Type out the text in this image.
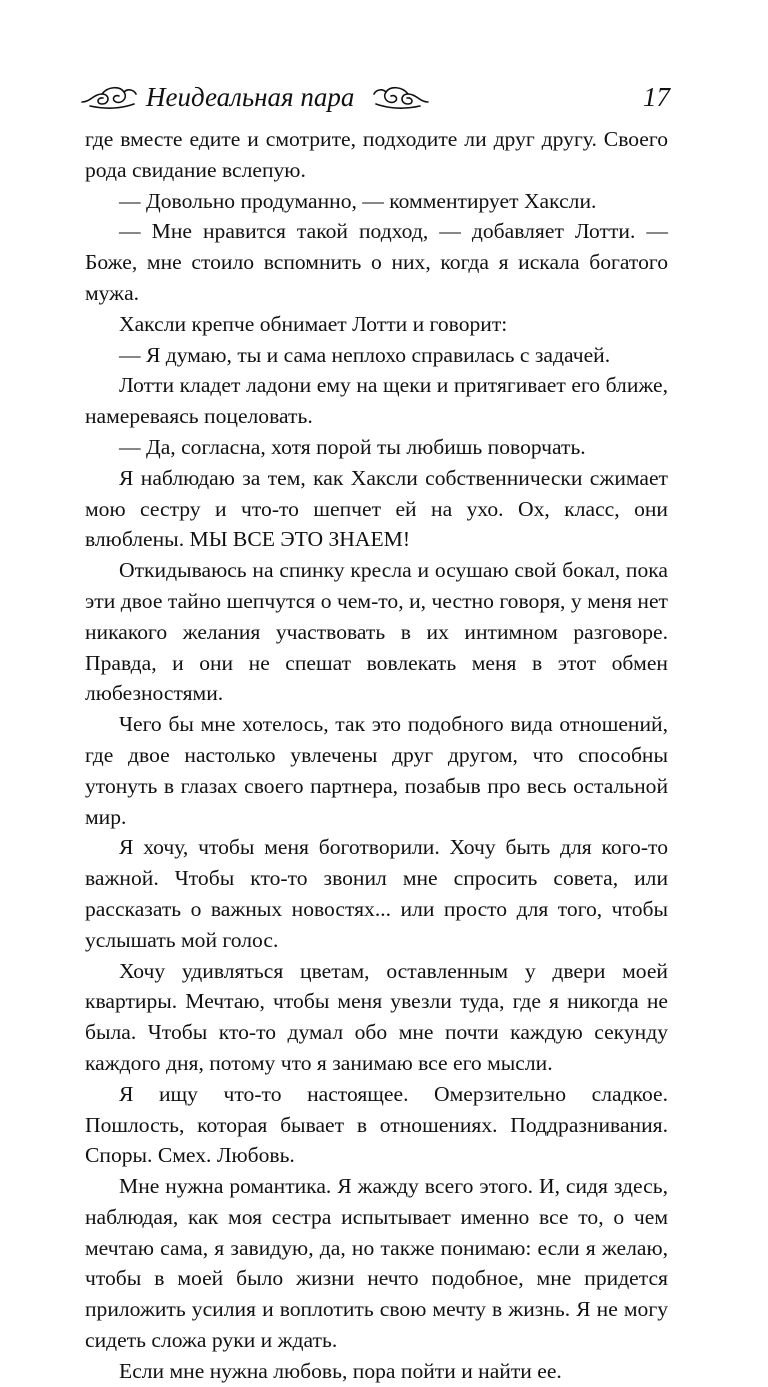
Неидеальная пара	17

где вместе едите и смотрите, подходите ли друг другу. Своего рода свидание вслепую.

— Довольно продуманно, — комментирует Хаксли.

— Мне нравится такой подход, — добавляет Лотти. — Боже, мне стоило вспомнить о них, когда я искала богатого мужа.

Хаксли крепче обнимает Лотти и говорит:

— Я думаю, ты и сама неплохо справилась с задачей.

Лотти кладет ладони ему на щеки и притягивает его ближе, намереваясь поцеловать.

— Да, согласна, хотя порой ты любишь поворчать.

Я наблюдаю за тем, как Хаксли собственнически сжимает мою сестру и что-то шепчет ей на ухо. Ох, класс, они влюблены. МЫ ВСЕ ЭТО ЗНАЕМ!

Откидываюсь на спинку кресла и осушаю свой бокал, пока эти двое тайно шепчутся о чем-то, и, честно говоря, у меня нет никакого желания участвовать в их интимном разговоре. Правда, и они не спешат вовлекать меня в этот обмен любезностями.

Чего бы мне хотелось, так это подобного вида отношений, где двое настолько увлечены друг другом, что способны утонуть в глазах своего партнера, позабыв про весь остальной мир.

Я хочу, чтобы меня боготворили. Хочу быть для кого-то важной. Чтобы кто-то звонил мне спросить совета, или рассказать о важных новостях... или просто для того, чтобы услышать мой голос.

Хочу удивляться цветам, оставленным у двери моей квартиры. Мечтаю, чтобы меня увезли туда, где я никогда не была. Чтобы кто-то думал обо мне почти каждую секунду каждого дня, потому что я занимаю все его мысли.

Я ищу что-то настоящее. Омерзительно сладкое. Пошлость, которая бывает в отношениях. Поддразнивания. Споры. Смех. Любовь.

Мне нужна романтика. Я жажду всего этого. И, сидя здесь, наблюдая, как моя сестра испытывает именно все то, о чем мечтаю сама, я завидую, да, но также понимаю: если я желаю, чтобы в моей было жизни нечто подобное, мне придется приложить усилия и воплотить свою мечту в жизнь. Я не могу сидеть сложа руки и ждать.

Если мне нужна любовь, пора пойти и найти ее.
